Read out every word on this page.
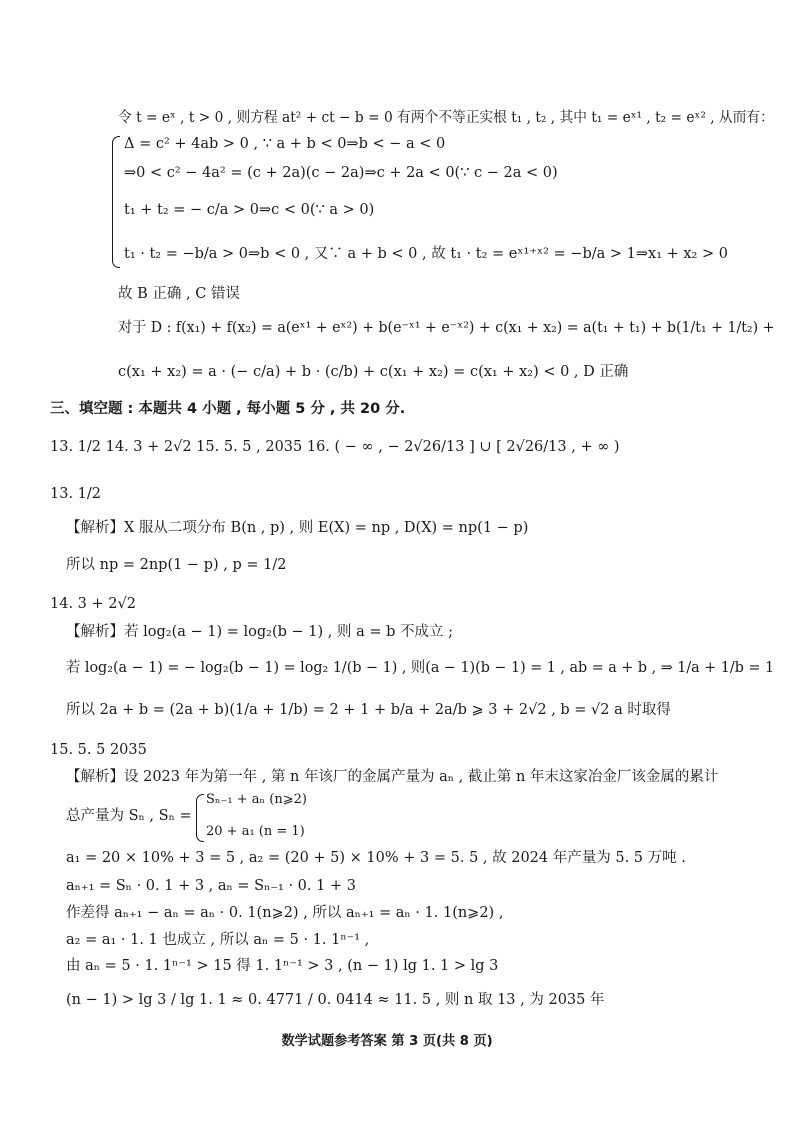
令 t = eˣ , t > 0 , 则方程 at² + ct − b = 0 有两个不等正实根 t₁ , t₂ , 其中 t₁ = eˣ¹ , t₂ = eˣ² , 从而有：
Δ = c² + 4ab > 0 , ∵ a + b < 0⇒b < − a < 0
⇒0 < c² − 4a² = (c + 2a)(c − 2a)⇒c + 2a < 0(∵ c − 2a < 0)
t₁ + t₂ = − c/a > 0⇒c < 0(∵ a > 0)
t₁ · t₂ = −b/a > 0⇒b < 0 , 又∵ a + b < 0 , 故 t₁ · t₂ = eˣ¹⁺ˣ² = −b/a > 1⇒x₁ + x₂ > 0
故 B 正确 , C 错误
对于 D : f(x₁) + f(x₂) = a(eˣ¹ + eˣ²) + b(e⁻ˣ¹ + e⁻ˣ²) + c(x₁ + x₂) = a(t₁ + t₁) + b(1/t₁ + 1/t₂) +
c(x₁ + x₂) = a · (− c/a) + b · (c/b) + c(x₁ + x₂) = c(x₁ + x₂) < 0 , D 正确
三、填空题 : 本题共 4 小题 , 每小题 5 分 , 共 20 分.
13. 1/2 14. 3 + 2√2 15. 5. 5 , 2035 16. ( − ∞ , − 2√26/13 ] ∪ [ 2√26/13 , + ∞ )
13. 1/2
【解析】X 服从二项分布 B(n , p) , 则 E(X) = np , D(X) = np(1 − p)
所以 np = 2np(1 − p) , p = 1/2
14. 3 + 2√2
【解析】若 log₂(a − 1) = log₂(b − 1) , 则 a = b 不成立 ;
若 log₂(a − 1) = − log₂(b − 1) = log₂ 1/(b − 1) , 则(a − 1)(b − 1) = 1 , ab = a + b , ⇒ 1/a + 1/b = 1
所以 2a + b = (2a + b)(1/a + 1/b) = 2 + 1 + b/a + 2a/b ⩾ 3 + 2√2 , b = √2 a 时取得
15. 5. 5 2035
【解析】设 2023 年为第一年 , 第 n 年该厂的金属产量为 aₙ , 截止第 n 年末这家冶金厂该金属的累计
总产量为 Sₙ , Sₙ =
Sₙ₋₁ + aₙ (n⩾2)
20 + a₁ (n = 1)
a₁ = 20 × 10% + 3 = 5 , a₂ = (20 + 5) × 10% + 3 = 5. 5 , 故 2024 年产量为 5. 5 万吨 .
aₙ₊₁ = Sₙ · 0. 1 + 3 , aₙ = Sₙ₋₁ · 0. 1 + 3
作差得 aₙ₊₁ − aₙ = aₙ · 0. 1(n⩾2) , 所以 aₙ₊₁ = aₙ · 1. 1(n⩾2) ,
a₂ = a₁ · 1. 1 也成立 , 所以 aₙ = 5 · 1. 1ⁿ⁻¹ ,
由 aₙ = 5 · 1. 1ⁿ⁻¹ > 15 得 1. 1ⁿ⁻¹ > 3 , (n − 1) lg 1. 1 > lg 3
(n − 1) > lg 3 / lg 1. 1 ≈ 0. 4771 / 0. 0414 ≈ 11. 5 , 则 n 取 13 , 为 2035 年
数学试题参考答案 第 3 页(共 8 页)
